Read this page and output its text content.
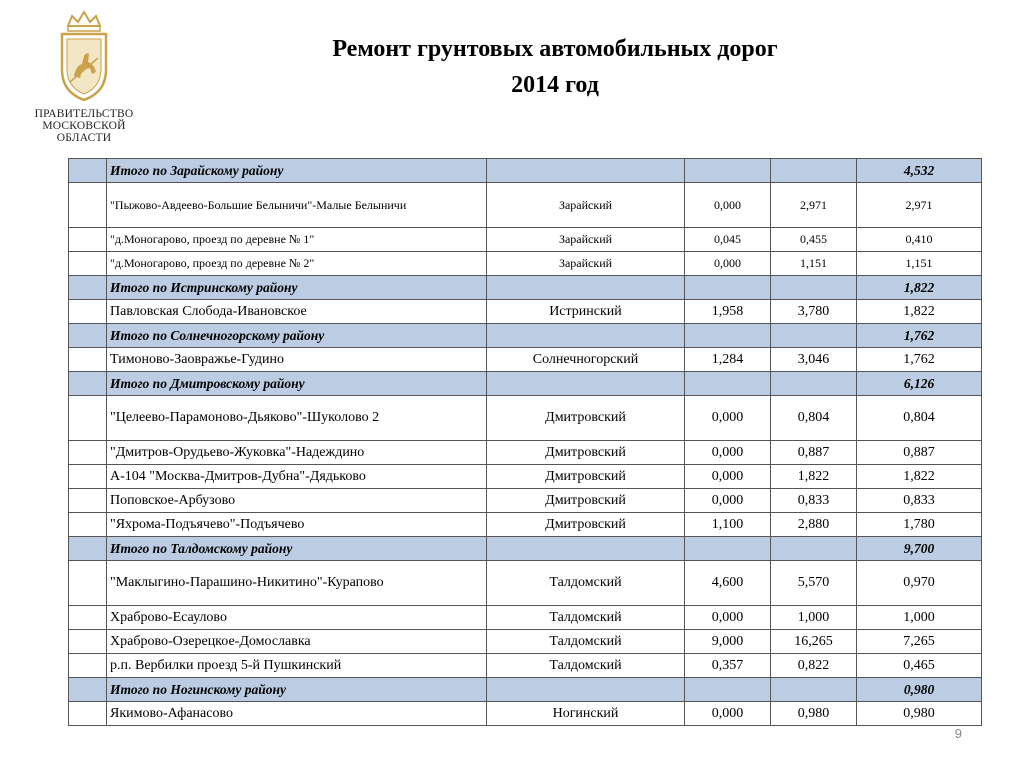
ПРАВИТЕЛЬСТВО
МОСКОВСКОЙ
ОБЛАСТИ
Ремонт грунтовых автомобильных дорог
2014 год
	Итого по Зарайскому району				4,532
	"Пыжово-Авдеево-Большие Белыничи"-Малые Белыничи	Зарайский	0,000	2,971	2,971
	"д.Моногарово, проезд по деревне № 1"	Зарайский	0,045	0,455	0,410
	"д.Моногарово, проезд по деревне № 2"	Зарайский	0,000	1,151	1,151
	Итого по Истринскому району				1,822
	Павловская Слобода-Ивановское	Истринский	1,958	3,780	1,822
	Итого по Солнечногорскому району				1,762
	Тимоново-Заовражье-Гудино	Солнечногорский	1,284	3,046	1,762
	Итого по Дмитровскому району				6,126
	"Целеево-Парамоново-Дьяково"-Шуколово 2	Дмитровский	0,000	0,804	0,804
	"Дмитров-Орудьево-Жуковка"-Надеждино	Дмитровский	0,000	0,887	0,887
	А-104 "Москва-Дмитров-Дубна"-Дядьково	Дмитровский	0,000	1,822	1,822
	Поповское-Арбузово	Дмитровский	0,000	0,833	0,833
	"Яхрома-Подъячево"-Подъячево	Дмитровский	1,100	2,880	1,780
	Итого по Талдомскому району				9,700
	"Маклыгино-Парашино-Никитино"-Курапово	Талдомский	4,600	5,570	0,970
	Храброво-Есаулово	Талдомский	0,000	1,000	1,000
	Храброво-Озерецкое-Домославка	Талдомский	9,000	16,265	7,265
	р.п. Вербилки проезд 5-й Пушкинский	Талдомский	0,357	0,822	0,465
	Итого по Ногинскому району				0,980
	Якимово-Афанасово	Ногинский	0,000	0,980	0,980
9
